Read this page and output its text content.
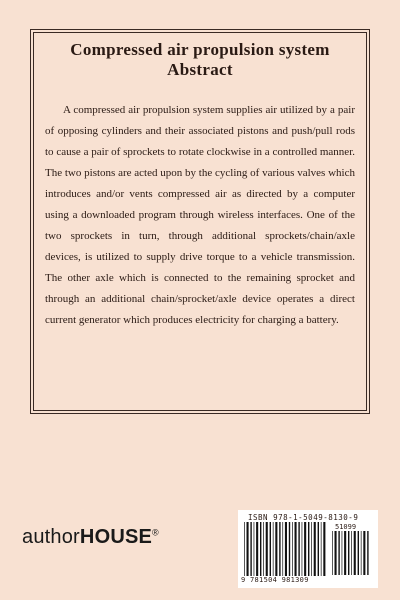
Compressed air propulsion system Abstract

A compressed air propulsion system supplies air utilized by a pair of opposing cylinders and their associated pistons and push/pull rods to cause a pair of sprockets to rotate clockwise in a controlled manner. The two pistons are acted upon by the cycling of various valves which introduces and/or vents compressed air as directed by a computer using a downloaded program through wireless interfaces. One of the two sprockets in turn, through additional sprockets/chain/axle devices, is utilized to supply drive torque to a vehicle transmission. The other axle which is connected to the remaining sprocket and through an additional chain/sprocket/axle device operates a direct current generator which produces electricity for charging a battery.

authorHOUSE®
ISBN 978-1-5049-8130-9
51099
9 781504 981309
